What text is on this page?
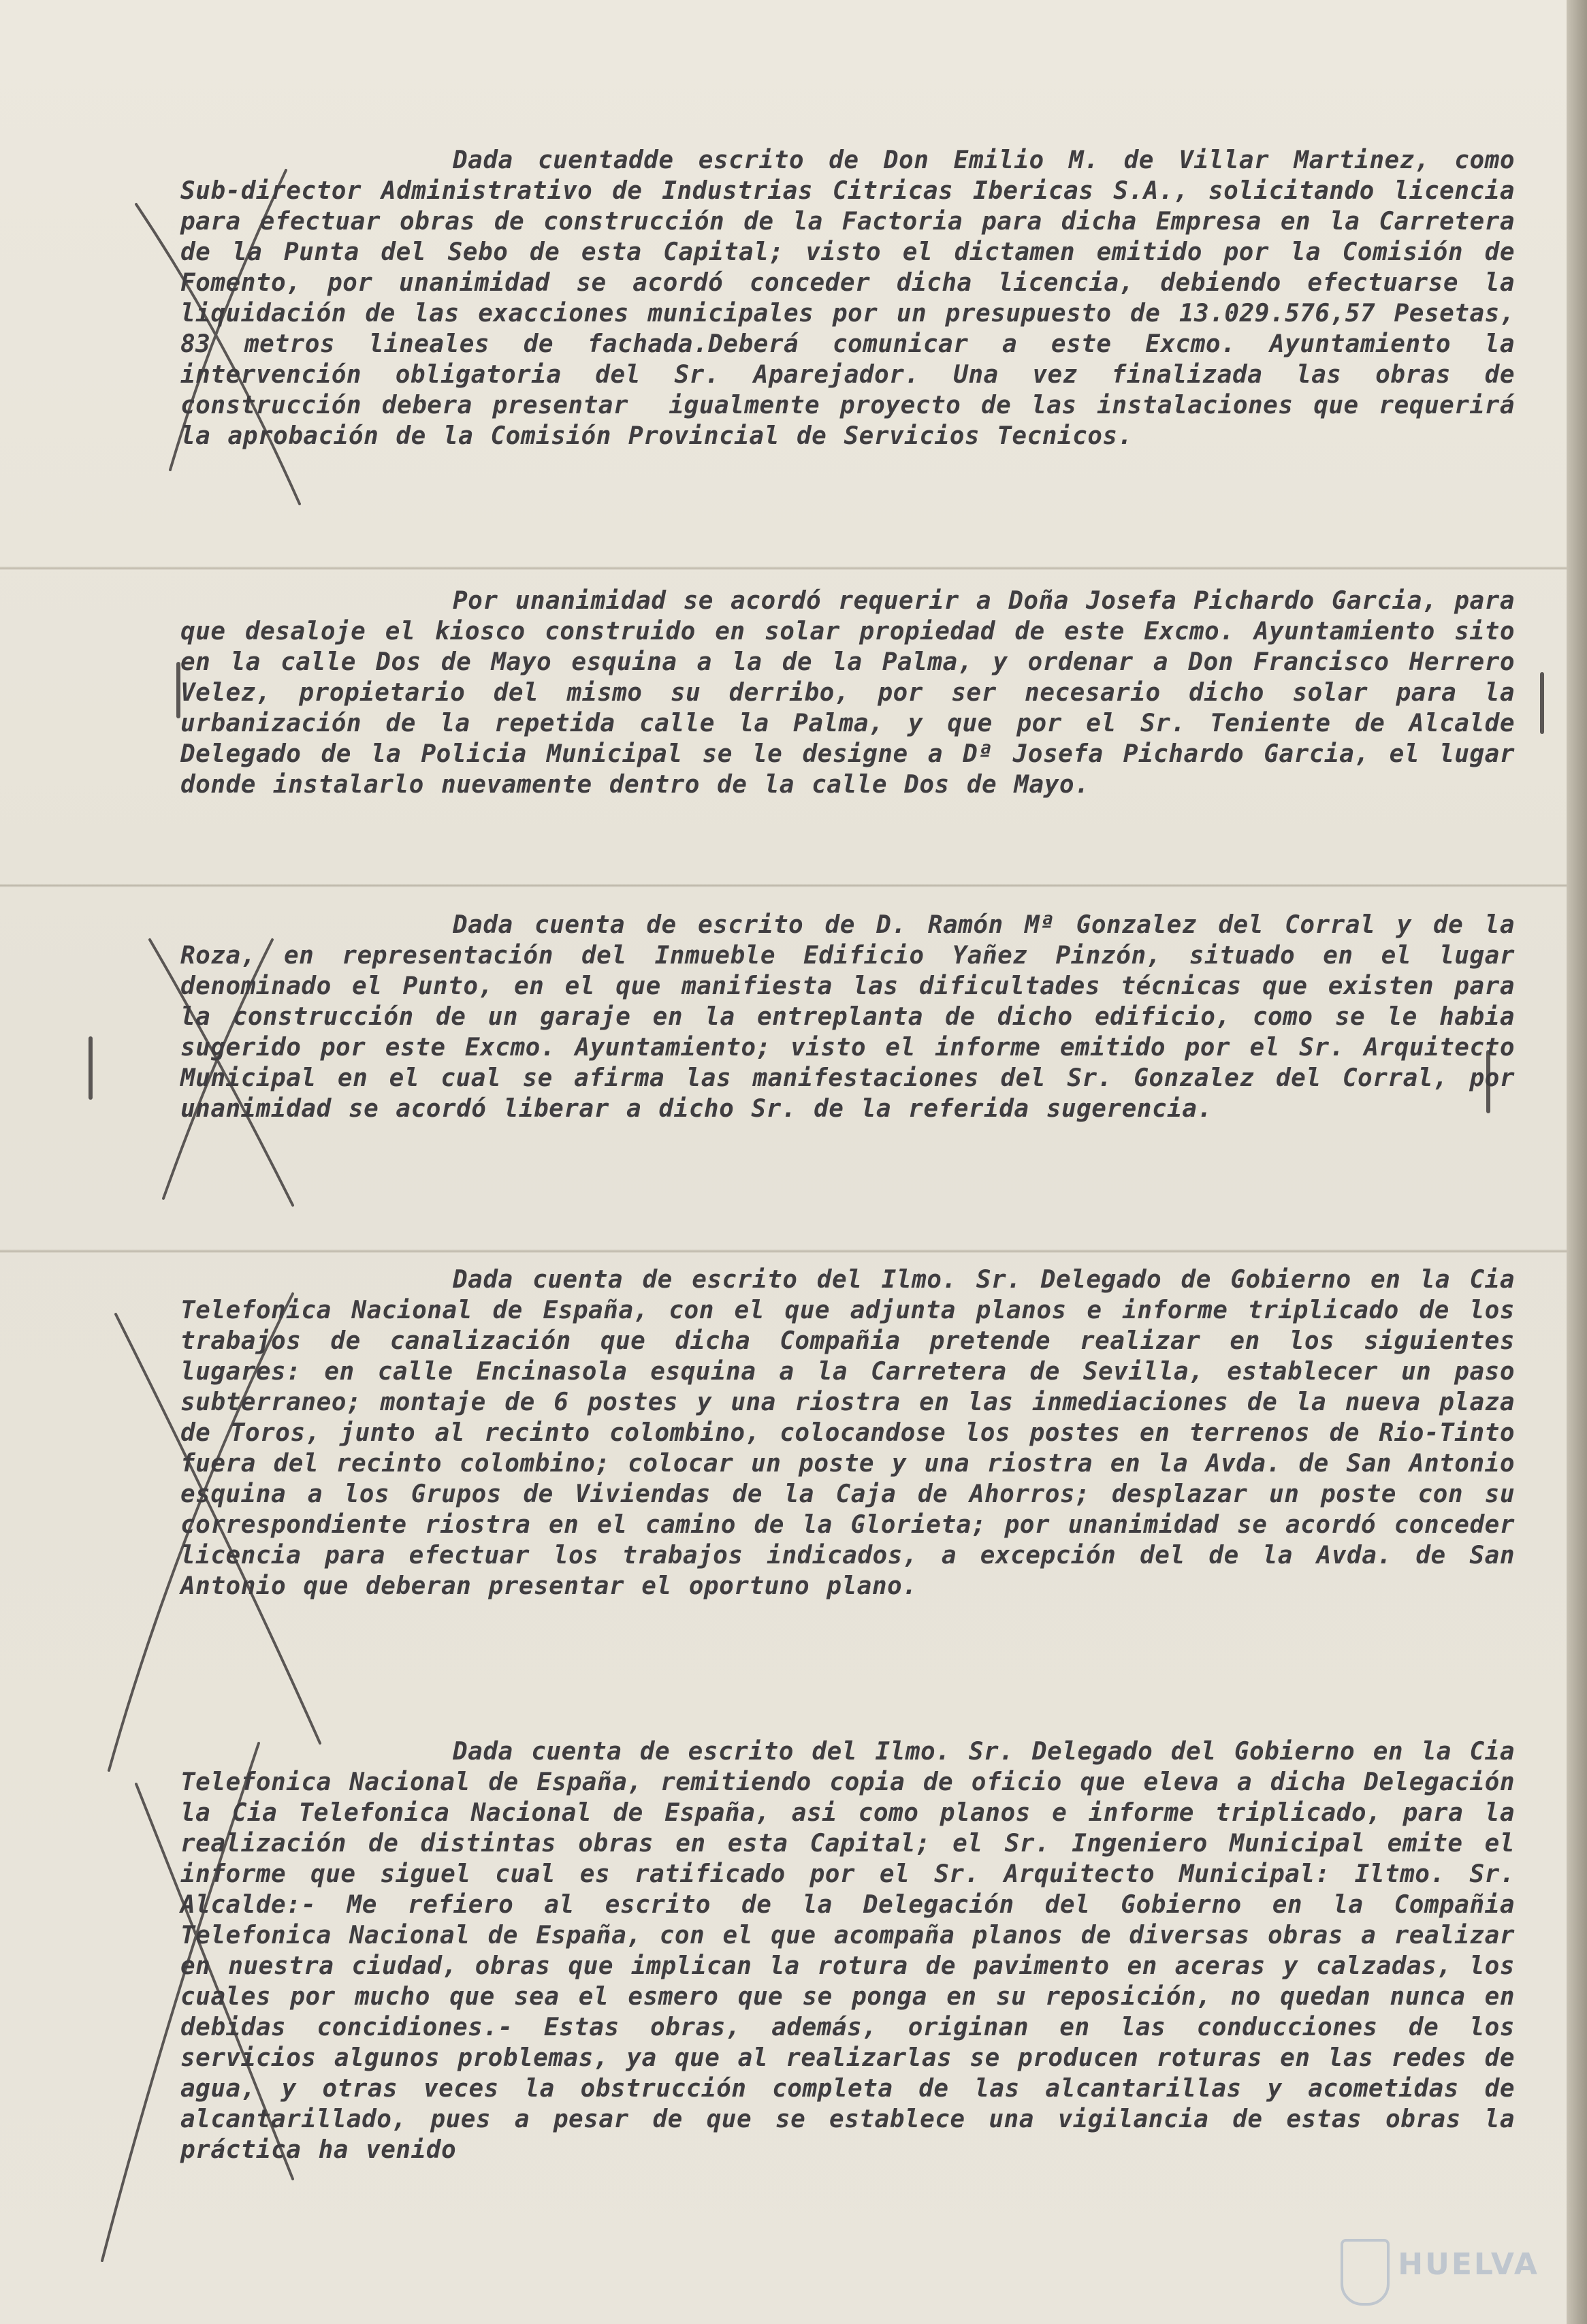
Dada cuentadde escrito de Don Emilio M. de Villar Martinez, como Sub-director Administrativo de Industrias Citricas Ibericas S.A., solicitando licencia para efectuar obras de construcción de la Factoria para dicha Empresa en la Carretera de la Punta del Sebo de esta Capital; visto el dictamen emitido por la Comisión de Fomento, por unanimidad se acordó conceder dicha licencia, debiendo efectuarse la liquidación de las exacciones municipales por un presupuesto de 13.029.576,57 Pesetas, 83 metros lineales de fachada.Deberá comunicar a este Excmo. Ayuntamiento la intervención obligatoria del Sr. Aparejador. Una vez finalizada las obras de construcción debera presentar  igualmente proyecto de las instalaciones que requerirá la aprobación de la Comisión Provincial de Servicios Tecnicos.
Por unanimidad se acordó requerir a Doña Josefa Pichardo Garcia, para que desaloje el kiosco construido en solar propiedad de este Excmo. Ayuntamiento sito en la calle Dos de Mayo esquina a la de la Palma, y ordenar a Don Francisco Herrero Velez, propietario del mismo su derribo, por ser necesario dicho solar para la urbanización de la repetida calle la Palma, y que por el Sr. Teniente de Alcalde Delegado de la Policia Municipal se le designe a Dª Josefa Pichardo Garcia, el lugar donde instalarlo nuevamente dentro de la calle Dos de Mayo.
Dada cuenta de escrito de D. Ramón Mª Gonzalez del Corral y de la Roza, en representación del Inmueble Edificio Yañez Pinzón, situado en el lugar denominado el Punto, en el que manifiesta las dificultades técnicas que existen para la construcción de un garaje en la entreplanta de dicho edificio, como se le habia sugerido por este Excmo. Ayuntamiento; visto el informe emitido por el Sr. Arquitecto Municipal en el cual se afirma las manifestaciones del Sr. Gonzalez del Corral, por unanimidad se acordó liberar a dicho Sr. de la referida sugerencia.
Dada cuenta de escrito del Ilmo. Sr. Delegado de Gobierno en la Cia Telefonica Nacional de España, con el que adjunta planos e informe triplicado de los trabajos de canalización que dicha Compañia pretende realizar en los siguientes lugares: en calle Encinasola esquina a la Carretera de Sevilla, establecer un paso subterraneo; montaje de 6 postes y una riostra en las inmediaciones de la nueva plaza de Toros, junto al recinto colombino, colocandose los postes en terrenos de Rio-Tinto fuera del recinto colombino; colocar un poste y una riostra en la Avda. de San Antonio esquina a los Grupos de Viviendas de la Caja de Ahorros; desplazar un poste con su correspondiente riostra en el camino de la Glorieta; por unanimidad se acordó conceder licencia para efectuar los trabajos indicados, a excepción del de la Avda. de San Antonio que deberan presentar el oportuno plano.
Dada cuenta de escrito del Ilmo. Sr. Delegado del Gobierno en la Cia Telefonica Nacional de España, remitiendo copia de oficio que eleva a dicha Delegación la Cia Telefonica Nacional de España, asi como planos e informe triplicado, para la realización de distintas obras en esta Capital; el Sr. Ingeniero Municipal emite el informe que siguel cual es ratificado por el Sr. Arquitecto Municipal: Iltmo. Sr. Alcalde:- Me refiero al escrito de la Delegación del Gobierno en la Compañia Telefonica Nacional de España, con el que acompaña planos de diversas obras a realizar en nuestra ciudad, obras que implican la rotura de pavimento en aceras y calzadas, los cuales por mucho que sea el esmero que se ponga en su reposición, no quedan nunca en debidas concidiones.- Estas obras, además, originan en las conducciones de los servicios algunos problemas, ya que al realizarlas se producen roturas en las redes de agua, y otras veces la obstrucción completa de las alcantarillas y acometidas de alcantarillado, pues a pesar de que se establece una vigilancia de estas obras la práctica ha venido
HUELVA
